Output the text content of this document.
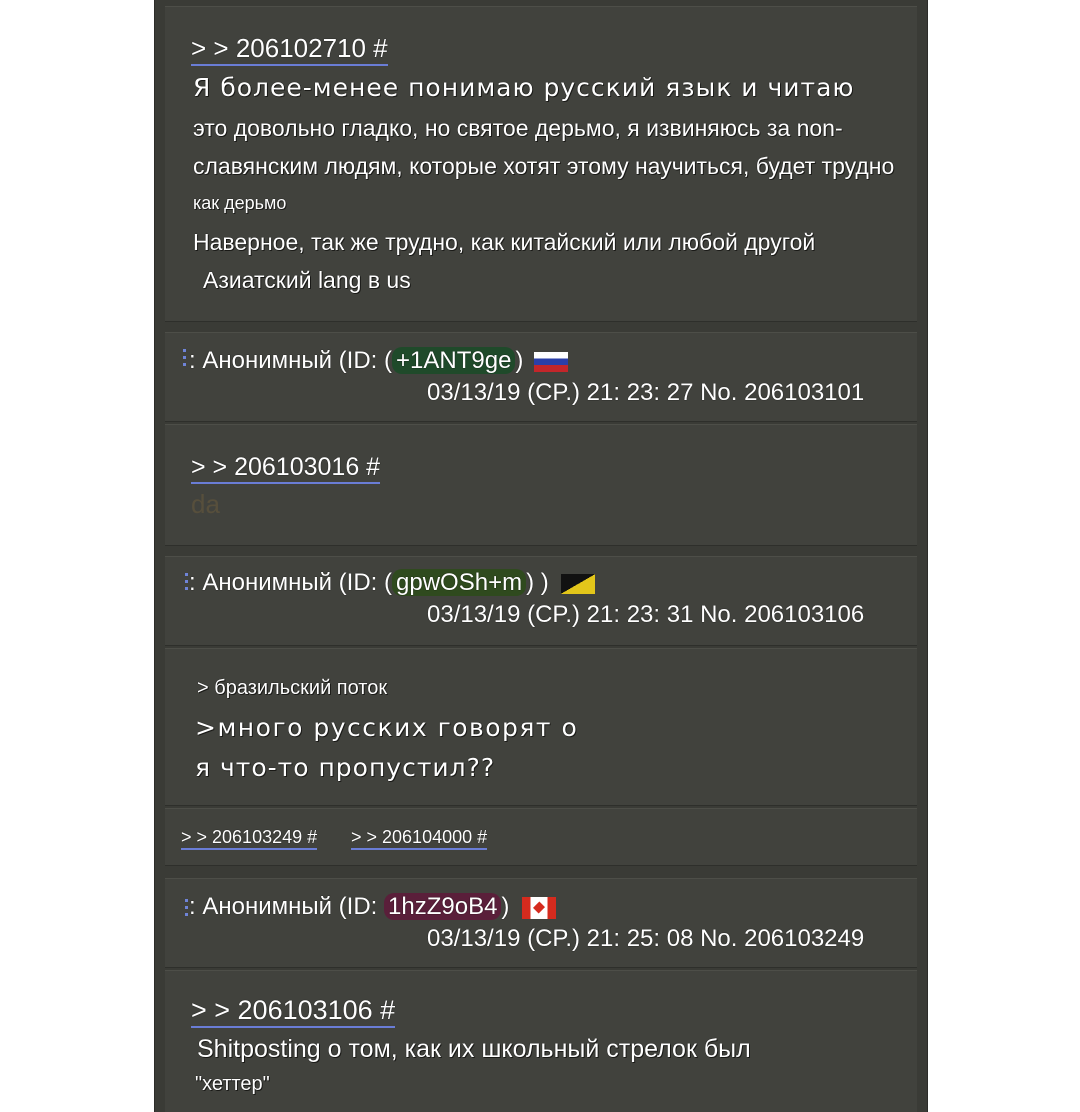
> > 206102710 #
Я более-менее понимаю русский язык и читаю
это довольно гладко, но святое дерьмо, я извиняюсь за non-
славянским людям, которые хотят этому научиться, будет трудно
как дерьмо
Наверное, так же трудно, как китайский или любой другой
Азиатский lang в us
: Анонимный (ID: ( +1ANT9ge )
03/13/19 (CP.) 21: 23: 27 No. 206103101
> > 206103016 #
da
: Анонимный (ID: ( gpwOSh+m ) )
03/13/19 (CP.) 21: 23: 31 No. 206103106
> бразильский поток
>много русских говорят о
я что-то пропустил??
> > 206103249 # > > 206104000 #
: Анонимный (ID: 1hzZ9oB4 )
03/13/19 (CP.) 21: 25: 08 No. 206103249
> > 206103106 #
Shitposting о том, как их школьный стрелок был
"хеттер"
